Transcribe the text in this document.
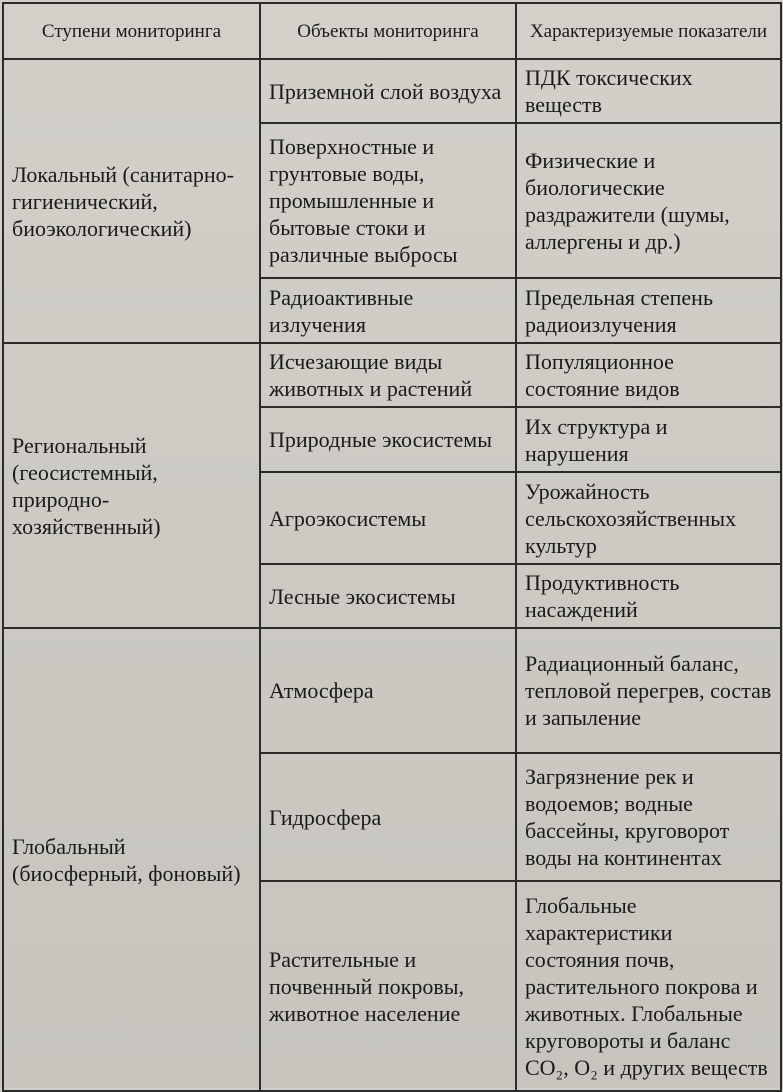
Ступени мониторинга	Объекты мониторинга	Характеризуемые показатели
Локальный (санитарно-гигиенический, биоэкологический)	Приземной слой воздуха	ПДК токсических веществ
	Поверхностные и грунтовые воды, промышленные и бытовые стоки и различные выбросы	Физические и биологические раздражители (шумы, аллергены и др.)
	Радиоактивные излучения	Предельная степень радиоизлучения
Региональный (геосистемный, природно-хозяйственный)	Исчезающие виды животных и растений	Популяционное состояние видов
	Природные экосистемы	Их структура и нарушения
	Агроэкосистемы	Урожайность сельскохозяйственных культур
	Лесные экосистемы	Продуктивность насаждений
Глобальный (биосферный, фоновый)	Атмосфера	Радиационный баланс, тепловой перегрев, состав и запыление
	Гидросфера	Загрязнение рек и водоемов; водные бассейны, круговорот воды на континентах
	Растительные и почвенный покровы, животное население	Глобальные характеристики состояния почв, растительного покрова и животных. Глобальные круговороты и баланс CO₂, O₂ и других веществ
